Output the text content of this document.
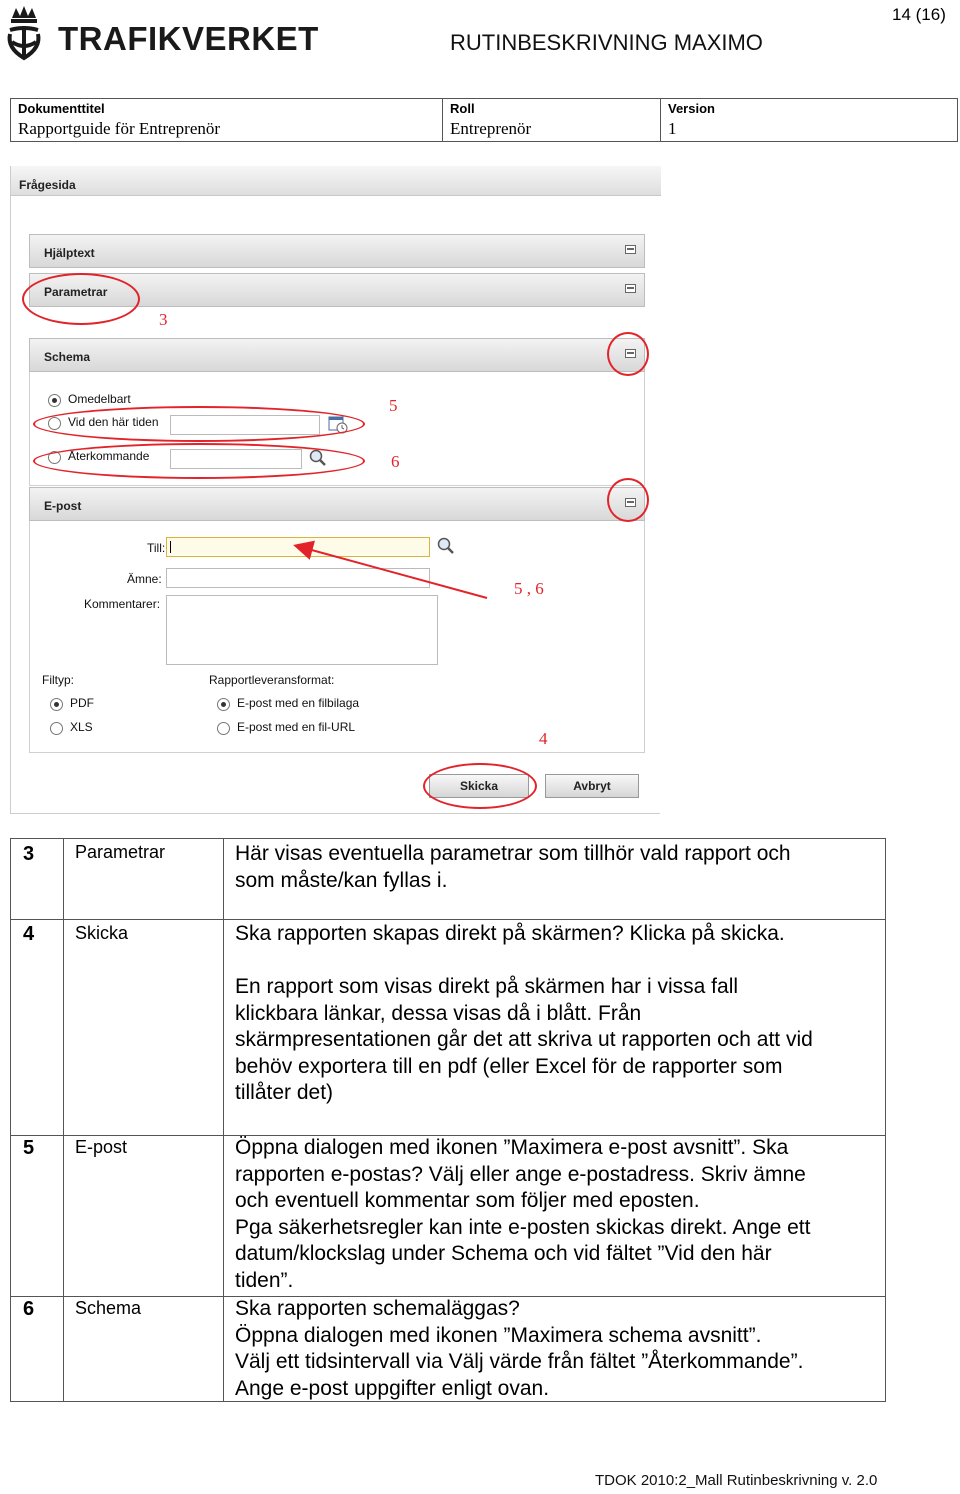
TRAFIKVERKET	RUTINBESKRIVNING MAXIMO
14 (16)
Dokumenttitel
Rapportguide för Entreprenör
Roll
Entreprenör
Version
1
Frågesida
Hjälptext
Parametrar
Schema
Omedelbart
Vid den här tiden
Återkommande
E-post
Till:
Ämne:
Kommentarer:
Filtyp:
PDF
XLS
Rapportleveransformat:
E-post med en filbilaga
E-post med en fil-URL
Skicka	Avbryt
3
5
6
5 , 6
4
3 Parametrar	Här visas eventuella parametrar som tillhör vald rapport och

som måste/kan fyllas i.

4 Skicka	Ska rapporten skapas direkt på skärmen? Klicka på skicka.

En rapport som visas direkt på skärmen har i vissa fall

klickbara länkar, dessa visas då i blått. Från

skärmpresentationen går det att skriva ut rapporten och att vid

behöv exportera till en pdf (eller Excel för de rapporter som

tillåter det)

5 E-post	Öppna dialogen med ikonen ”Maximera e-post avsnitt”. Ska

rapporten e-postas? Välj eller ange e-postadress. Skriv ämne

och eventuell kommentar som följer med eposten.

Pga säkerhetsregler kan inte e-posten skickas direkt. Ange ett

datum/klockslag under Schema och vid fältet ”Vid den här

tiden”.

6 Schema	Ska rapporten schemaläggas?

Öppna dialogen med ikonen ”Maximera schema avsnitt”.

Välj ett tidsintervall via Välj värde från fältet ”Återkommande”.

Ange e-post uppgifter enligt ovan.

TDOK 2010:2_Mall Rutinbeskrivning v. 2.0
